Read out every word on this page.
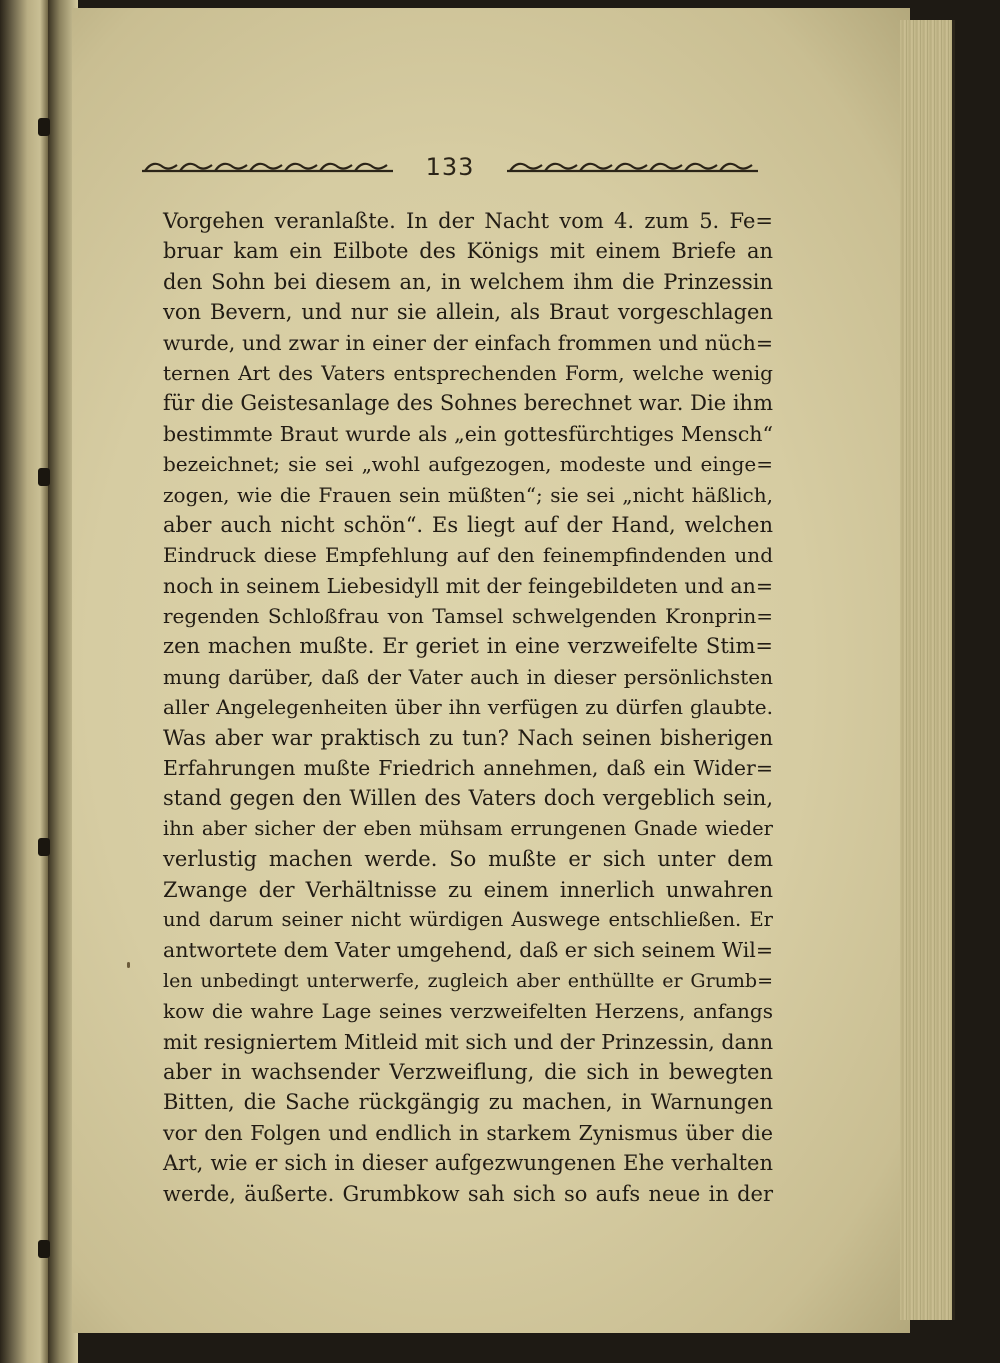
133
Vorgehen veranlaßte. In der Nacht vom 4. zum 5. Fe=
bruar kam ein Eilbote des Königs mit einem Briefe an
den Sohn bei diesem an, in welchem ihm die Prinzessin
von Bevern, und nur sie allein, als Braut vorgeschlagen
wurde, und zwar in einer der einfach frommen und nüch=
ternen Art des Vaters entsprechenden Form, welche wenig
für die Geistesanlage des Sohnes berechnet war. Die ihm
bestimmte Braut wurde als „ein gottesfürchtiges Mensch“
bezeichnet; sie sei „wohl aufgezogen, modeste und einge=
zogen, wie die Frauen sein müßten“; sie sei „nicht häßlich,
aber auch nicht schön“. Es liegt auf der Hand, welchen
Eindruck diese Empfehlung auf den feinempfindenden und
noch in seinem Liebesidyll mit der feingebildeten und an=
regenden Schloßfrau von Tamsel schwelgenden Kronprin=
zen machen mußte. Er geriet in eine verzweifelte Stim=
mung darüber, daß der Vater auch in dieser persönlichsten
aller Angelegenheiten über ihn verfügen zu dürfen glaubte.
Was aber war praktisch zu tun? Nach seinen bisherigen
Erfahrungen mußte Friedrich annehmen, daß ein Wider=
stand gegen den Willen des Vaters doch vergeblich sein,
ihn aber sicher der eben mühsam errungenen Gnade wieder
verlustig machen werde. So mußte er sich unter dem
Zwange der Verhältnisse zu einem innerlich unwahren
und darum seiner nicht würdigen Auswege entschließen. Er
antwortete dem Vater umgehend, daß er sich seinem Wil=
len unbedingt unterwerfe, zugleich aber enthüllte er Grumb=
kow die wahre Lage seines verzweifelten Herzens, anfangs
mit resigniertem Mitleid mit sich und der Prinzessin, dann
aber in wachsender Verzweiflung, die sich in bewegten
Bitten, die Sache rückgängig zu machen, in Warnungen
vor den Folgen und endlich in starkem Zynismus über die
Art, wie er sich in dieser aufgezwungenen Ehe verhalten
werde, äußerte. Grumbkow sah sich so aufs neue in der
